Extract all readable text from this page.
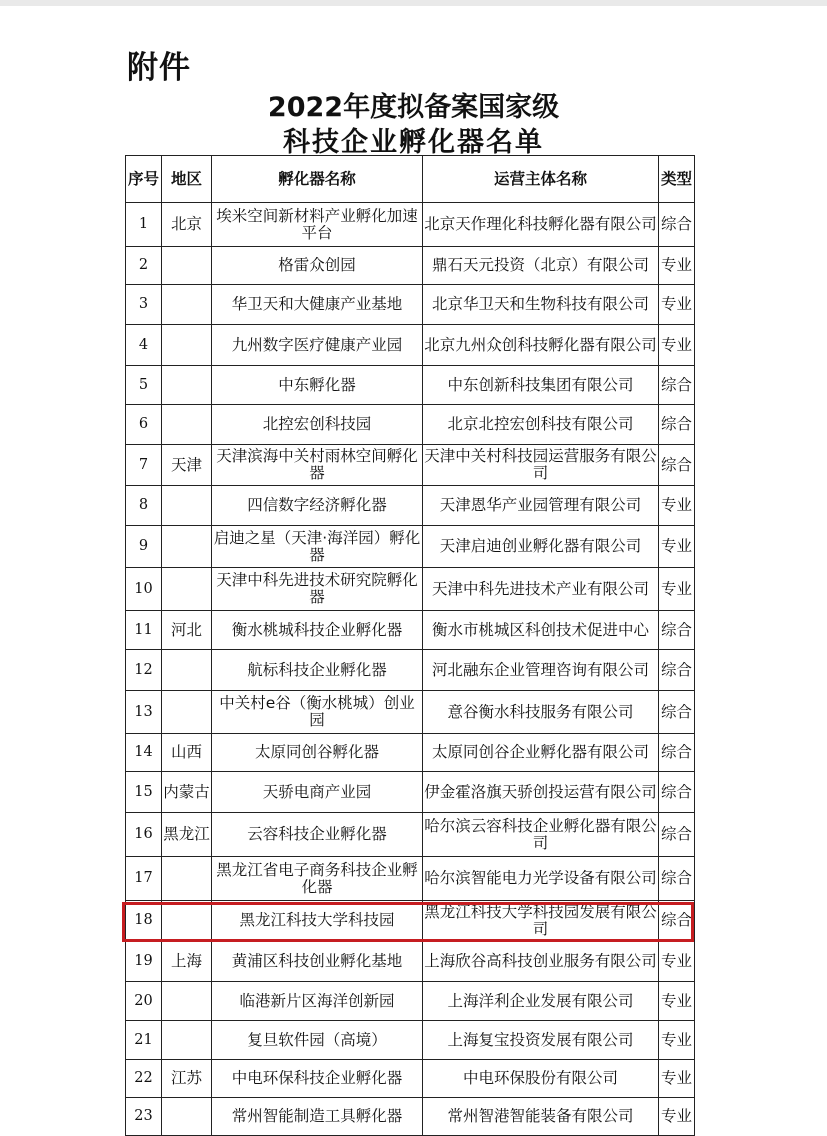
附件
2022年度拟备案国家级
科技企业孵化器名单
序号	地区	孵化器名称	运营主体名称	类型
1	北京	埃米空间新材料产业孵化加速平台	北京天作理化科技孵化器有限公司	综合
2		格雷众创园	鼎石天元投资（北京）有限公司	专业
3		华卫天和大健康产业基地	北京华卫天和生物科技有限公司	专业
4		九州数字医疗健康产业园	北京九州众创科技孵化器有限公司	专业
5		中东孵化器	中东创新科技集团有限公司	综合
6		北控宏创科技园	北京北控宏创科技有限公司	综合
7	天津	天津滨海中关村雨林空间孵化器	天津中关村科技园运营服务有限公司	综合
8		四信数字经济孵化器	天津恩华产业园管理有限公司	专业
9		启迪之星（天津·海洋园）孵化器	天津启迪创业孵化器有限公司	专业
10		天津中科先进技术研究院孵化器	天津中科先进技术产业有限公司	专业
11	河北	衡水桃城科技企业孵化器	衡水市桃城区科创技术促进中心	综合
12		航标科技企业孵化器	河北融东企业管理咨询有限公司	综合
13		中关村e谷（衡水桃城）创业园	意谷衡水科技服务有限公司	综合
14	山西	太原同创谷孵化器	太原同创谷企业孵化器有限公司	综合
15	内蒙古	天骄电商产业园	伊金霍洛旗天骄创投运营有限公司	综合
16	黑龙江	云容科技企业孵化器	哈尔滨云容科技企业孵化器有限公司	综合
17		黑龙江省电子商务科技企业孵化器	哈尔滨智能电力光学设备有限公司	综合
18		黑龙江科技大学科技园	黑龙江科技大学科技园发展有限公司	综合
19	上海	黄浦区科技创业孵化基地	上海欣谷高科技创业服务有限公司	专业
20		临港新片区海洋创新园	上海洋利企业发展有限公司	专业
21		复旦软件园（高境）	上海复宝投资发展有限公司	专业
22	江苏	中电环保科技企业孵化器	中电环保股份有限公司	专业
23		常州智能制造工具孵化器	常州智港智能装备有限公司	专业
